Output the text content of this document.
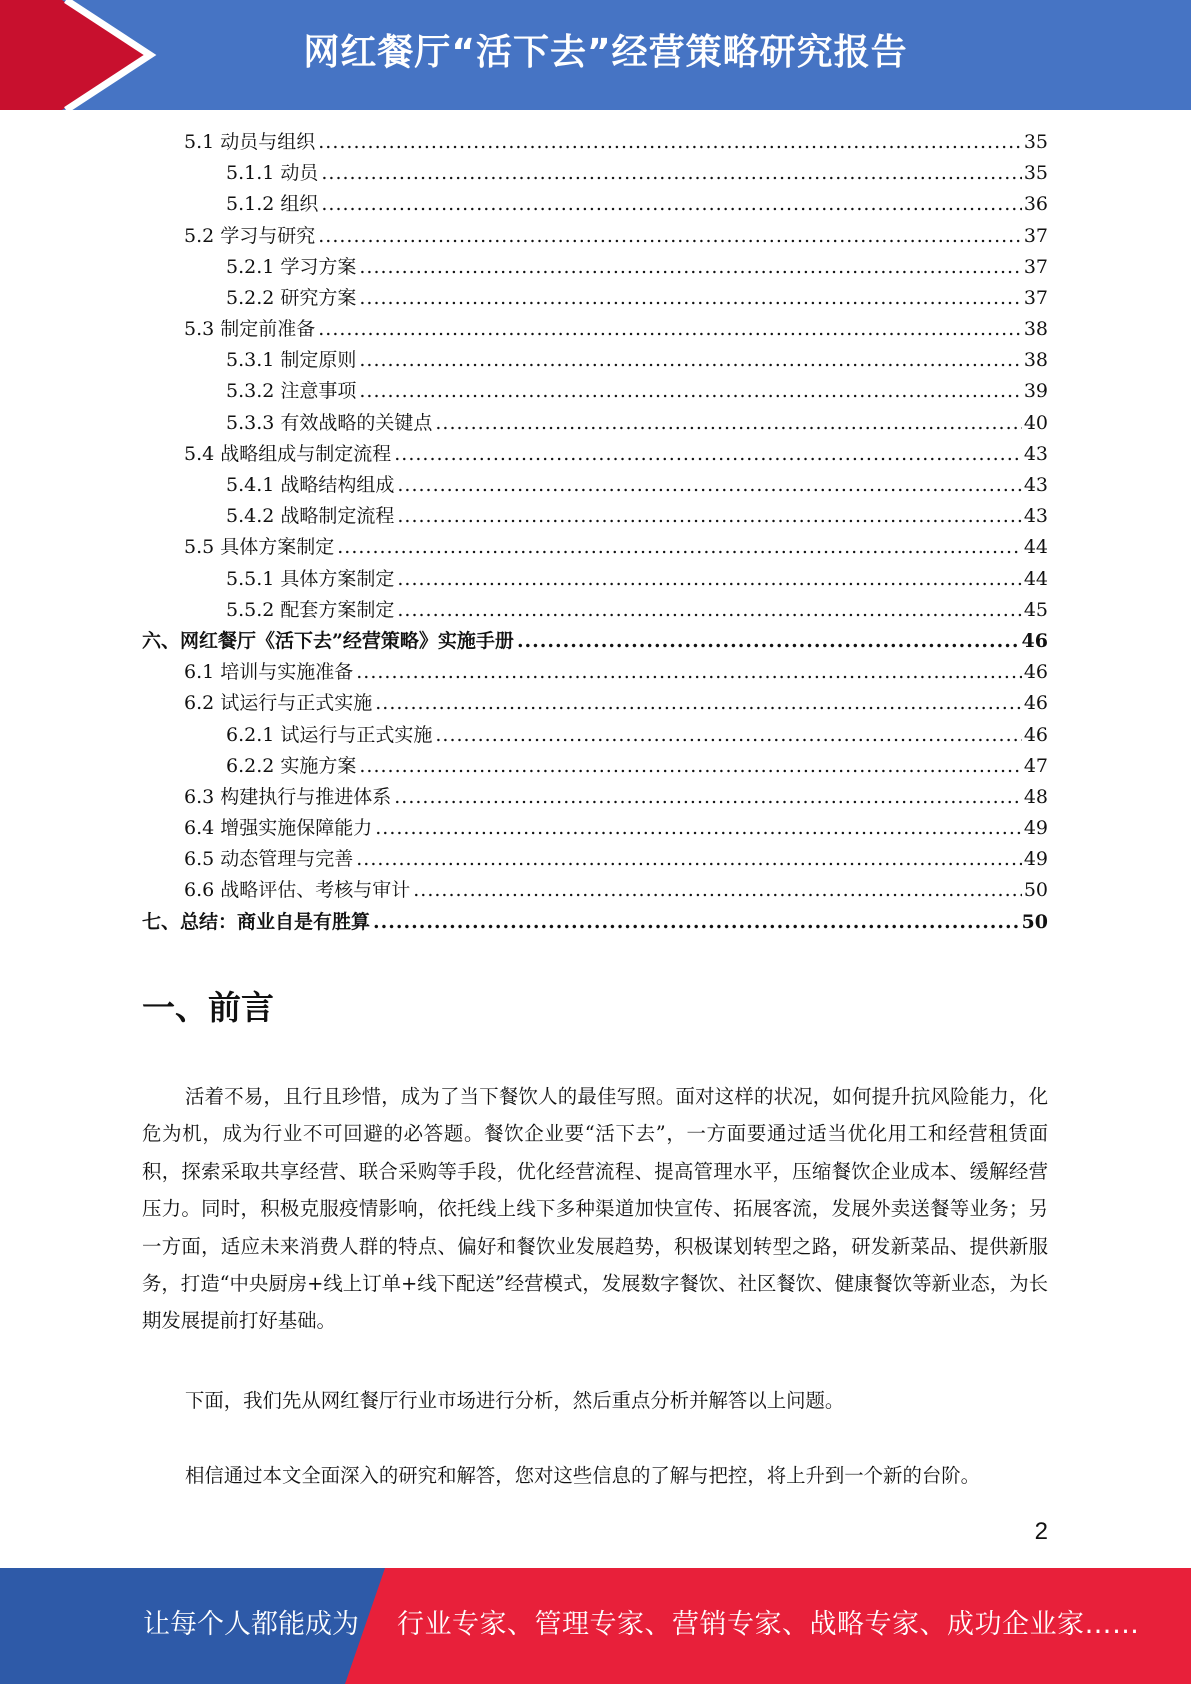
网红餐厅“活下去”经营策略研究报告
5.1 动员与组织 .....	35
5.1.1 动员 .....	35
5.1.2 组织 .....	36
5.2 学习与研究 .....	37
5.2.1 学习方案 .....	37
5.2.2 研究方案 .....	37
5.3 制定前准备 .....	38
5.3.1 制定原则 .....	38
5.3.2 注意事项 .....	39
5.3.3 有效战略的关键点 .....	40
5.4 战略组成与制定流程 .....	43
5.4.1 战略结构组成 .....	43
5.4.2 战略制定流程 .....	43
5.5 具体方案制定 .....	44
5.5.1 具体方案制定 .....	44
5.5.2 配套方案制定 .....	45
六、网红餐厅《活下去”经营策略》实施手册 .....	46
6.1 培训与实施准备 .....	46
6.2 试运行与正式实施 .....	46
6.2.1 试运行与正式实施 .....	46
6.2.2 实施方案 .....	47
6.3 构建执行与推进体系 .....	48
6.4 增强实施保障能力 .....	49
6.5 动态管理与完善 .....	49
6.6 战略评估、考核与审计 .....	50
七、总结：商业自是有胜算 .....	50
一、前言

活着不易，且行且珍惜，成为了当下餐饮人的最佳写照。面对这样的状况，如何提升抗风险能力，化危为机，成为行业不可回避的必答题。餐饮企业要“活下去”，一方面要通过适当优化用工和经营租赁面积，探索采取共享经营、联合采购等手段，优化经营流程、提高管理水平，压缩餐饮企业成本、缓解经营压力。同时，积极克服疫情影响，依托线上线下多种渠道加快宣传、拓展客流，发展外卖送餐等业务；另一方面，适应未来消费人群的特点、偏好和餐饮业发展趋势，积极谋划转型之路，研发新菜品、提供新服务，打造“中央厨房+线上订单+线下配送”经营模式，发展数字餐饮、社区餐饮、健康餐饮等新业态，为长期发展提前打好基础。

下面，我们先从网红餐厅行业市场进行分析，然后重点分析并解答以上问题。

相信通过本文全面深入的研究和解答，您对这些信息的了解与把控，将上升到一个新的台阶。

2
让每个人都能成为 行业专家、管理专家、营销专家、战略专家、成功企业家……
